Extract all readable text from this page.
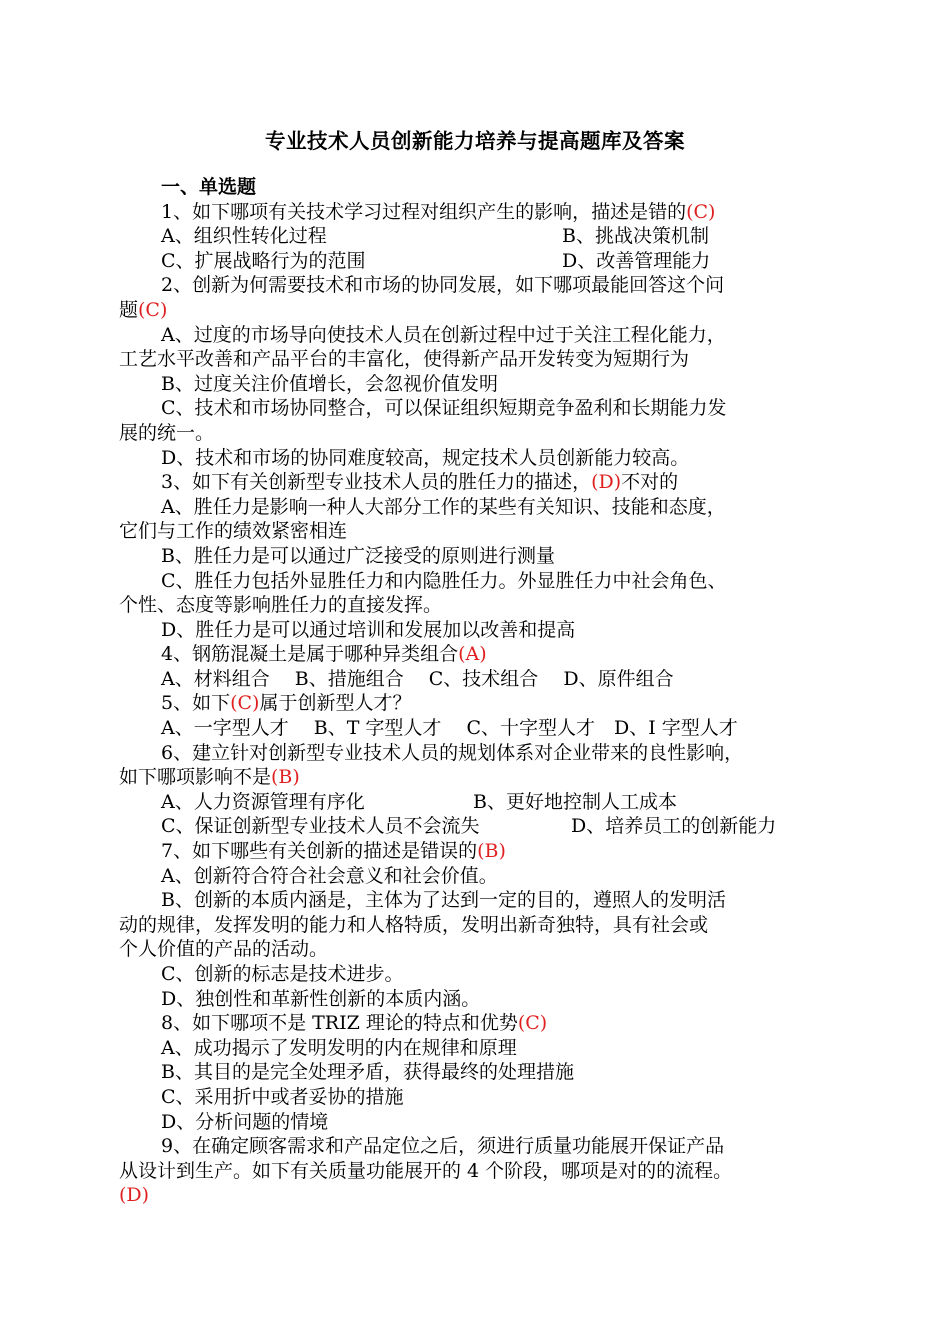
专业技术人员创新能力培养与提高题库及答案
一、单选题
1、如下哪项有关技术学习过程对组织产生的影响，描述是错的(C)
A、组织性转化过程	B、挑战决策机制
C、扩展战略行为的范围	D、改善管理能力
2、创新为何需要技术和市场的协同发展，如下哪项最能回答这个问
题(C)
A、过度的市场导向使技术人员在创新过程中过于关注工程化能力，
工艺水平改善和产品平台的丰富化，使得新产品开发转变为短期行为
B、过度关注价值增长，会忽视价值发明
C、技术和市场协同整合，可以保证组织短期竞争盈利和长期能力发
展的统一。
D、技术和市场的协同难度较高，规定技术人员创新能力较高。
3、如下有关创新型专业技术人员的胜任力的描述，(D)不对的
A、胜任力是影响一种人大部分工作的某些有关知识、技能和态度，
它们与工作的绩效紧密相连
B、胜任力是可以通过广泛接受的原则进行测量
C、胜任力包括外显胜任力和内隐胜任力。外显胜任力中社会角色、
个性、态度等影响胜任力的直接发挥。
D、胜任力是可以通过培训和发展加以改善和提高
4、钢筋混凝土是属于哪种异类组合(A)
A、材料组合　 B、措施组合　 C、技术组合　 D、原件组合
5、如下(C)属于创新型人才？
A、一字型人才　 B、T 字型人才　 C、十字型人才　D、I 字型人才
6、建立针对创新型专业技术人员的规划体系对企业带来的良性影响，
如下哪项影响不是(B)
A、人力资源管理有序化	B、更好地控制人工成本
C、保证创新型专业技术人员不会流失	D、培养员工的创新能力
7、如下哪些有关创新的描述是错误的(B)
A、创新符合符合社会意义和社会价值。
B、创新的本质内涵是，主体为了达到一定的目的，遵照人的发明活
动的规律，发挥发明的能力和人格特质，发明出新奇独特，具有社会或
个人价值的产品的活动。
C、创新的标志是技术进步。
D、独创性和革新性创新的本质内涵。
8、如下哪项不是 TRIZ 理论的特点和优势(C)
A、成功揭示了发明发明的内在规律和原理
B、其目的是完全处理矛盾，获得最终的处理措施
C、采用折中或者妥协的措施
D、分析问题的情境
9、在确定顾客需求和产品定位之后，须进行质量功能展开保证产品
从设计到生产。如下有关质量功能展开的 4 个阶段，哪项是对的的流程。
(D)
